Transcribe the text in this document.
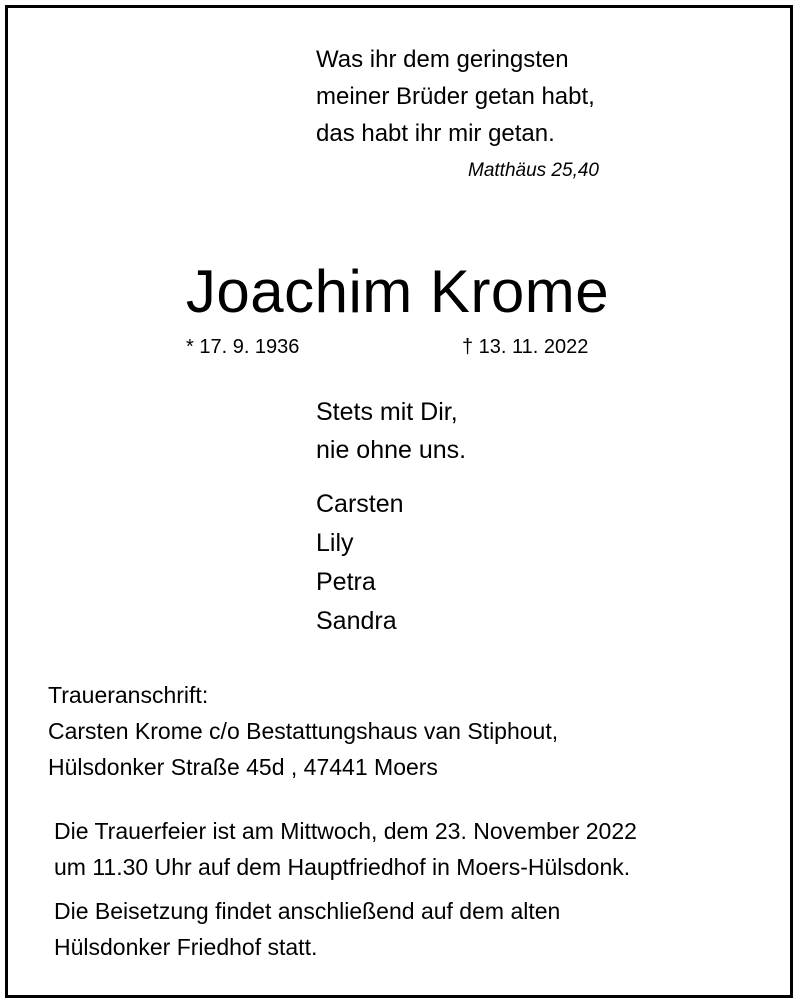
Was ihr dem geringsten
meiner Brüder getan habt,
das habt ihr mir getan.
Matthäus 25,40
Joachim Krome
* 17. 9. 1936	† 13. 11. 2022
Stets mit Dir,
nie ohne uns.
Carsten
Lily
Petra
Sandra
Traueranschrift:
Carsten Krome c/o Bestattungshaus van Stiphout,
Hülsdonker Straße 45d , 47441 Moers
Die Trauerfeier ist am Mittwoch, dem 23. November 2022
um 11.30 Uhr auf dem Hauptfriedhof in Moers-Hülsdonk.
Die Beisetzung findet anschließend auf dem alten
Hülsdonker Friedhof statt.
